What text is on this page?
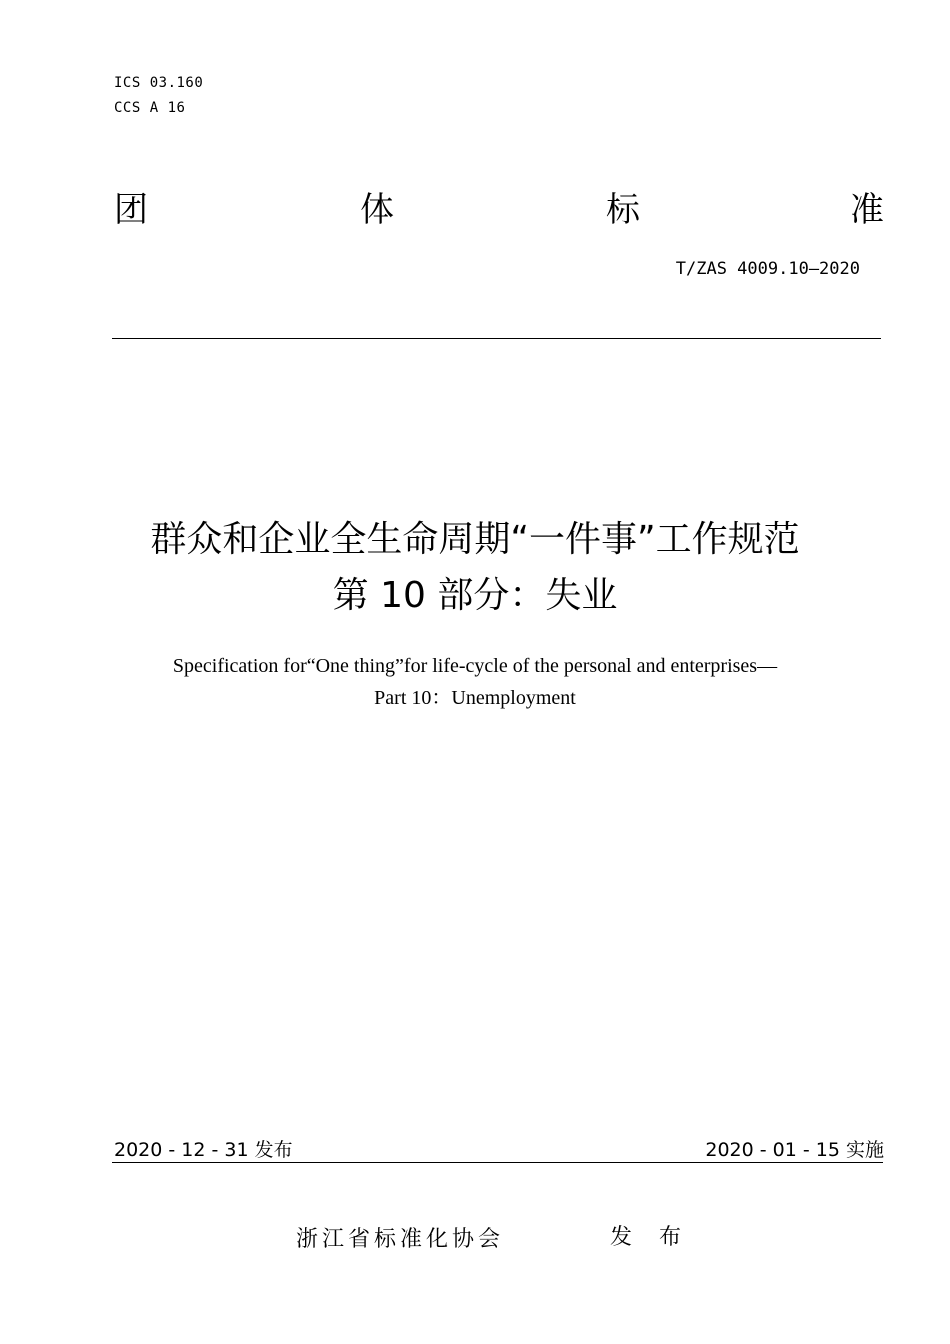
ICS 03.160
CCS A 16
团	体	标	准
T/ZAS 4009.10—2020
群众和企业全生命周期“一件事”工作规范
第 10 部分：失业
Specification for“One thing”for life-cycle of the personal and enterprises—
Part 10：Unemployment
2020 - 12 - 31 发布	2020 - 01 - 15 实施
浙江省标准化协会	发 布
